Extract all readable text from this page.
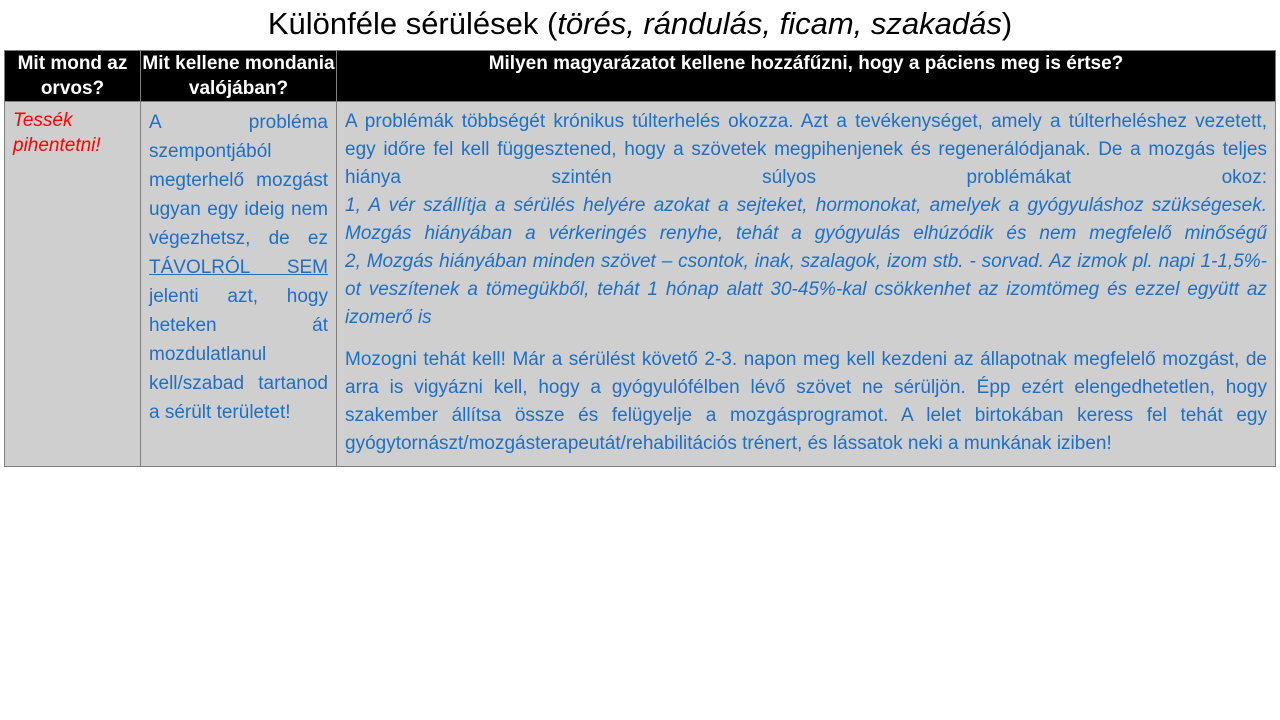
Különféle sérülések (törés, rándulás, ficam, szakadás)
Mit mond az orvos?	Mit kellene mondania valójában?	Milyen magyarázatot kellene hozzáfűzni, hogy a páciens meg is értse?

Tessék pihentetni!	A probléma szempontjából megterhelő mozgást ugyan egy ideig nem végezhetsz, de ez TÁVOLRÓL SEM jelenti azt, hogy heteken át mozdulatlanul kell/szabad tartanod a sérült területet!	A problémák többségét krónikus túlterhelés okozza. Azt a tevékenységet, amely a túlterheléshez vezetett, egy időre fel kell függesztened, hogy a szövetek megpihenjenek és regenerálódjanak. De a mozgás teljes hiánya szintén súlyos problémákat okoz:

1, A vér szállítja a sérülés helyére azokat a sejteket, hormonokat, amelyek a gyógyuláshoz szükségesek. Mozgás hiányában a vérkeringés renyhe, tehát a gyógyulás elhúzódik és nem megfelelő minőségű

2, Mozgás hiányában minden szövet – csontok, inak, szalagok, izom stb. - sorvad. Az izmok pl. napi 1-1,5%-ot veszítenek a tömegükből, tehát 1 hónap alatt 30-45%-kal csökkenhet az izomtömeg és ezzel együtt az izomerő is

Mozogni tehát kell! Már a sérülést követő 2-3. napon meg kell kezdeni az állapotnak megfelelő mozgást, de arra is vigyázni kell, hogy a gyógyulófélben lévő szövet ne sérüljön. Épp ezért elengedhetetlen, hogy szakember állítsa össze és felügyelje a mozgásprogramot. A lelet birtokában keress fel tehát egy gyógytornászt/mozgásterapeutát/rehabilitációs trénert, és lássatok neki a munkának iziben!
